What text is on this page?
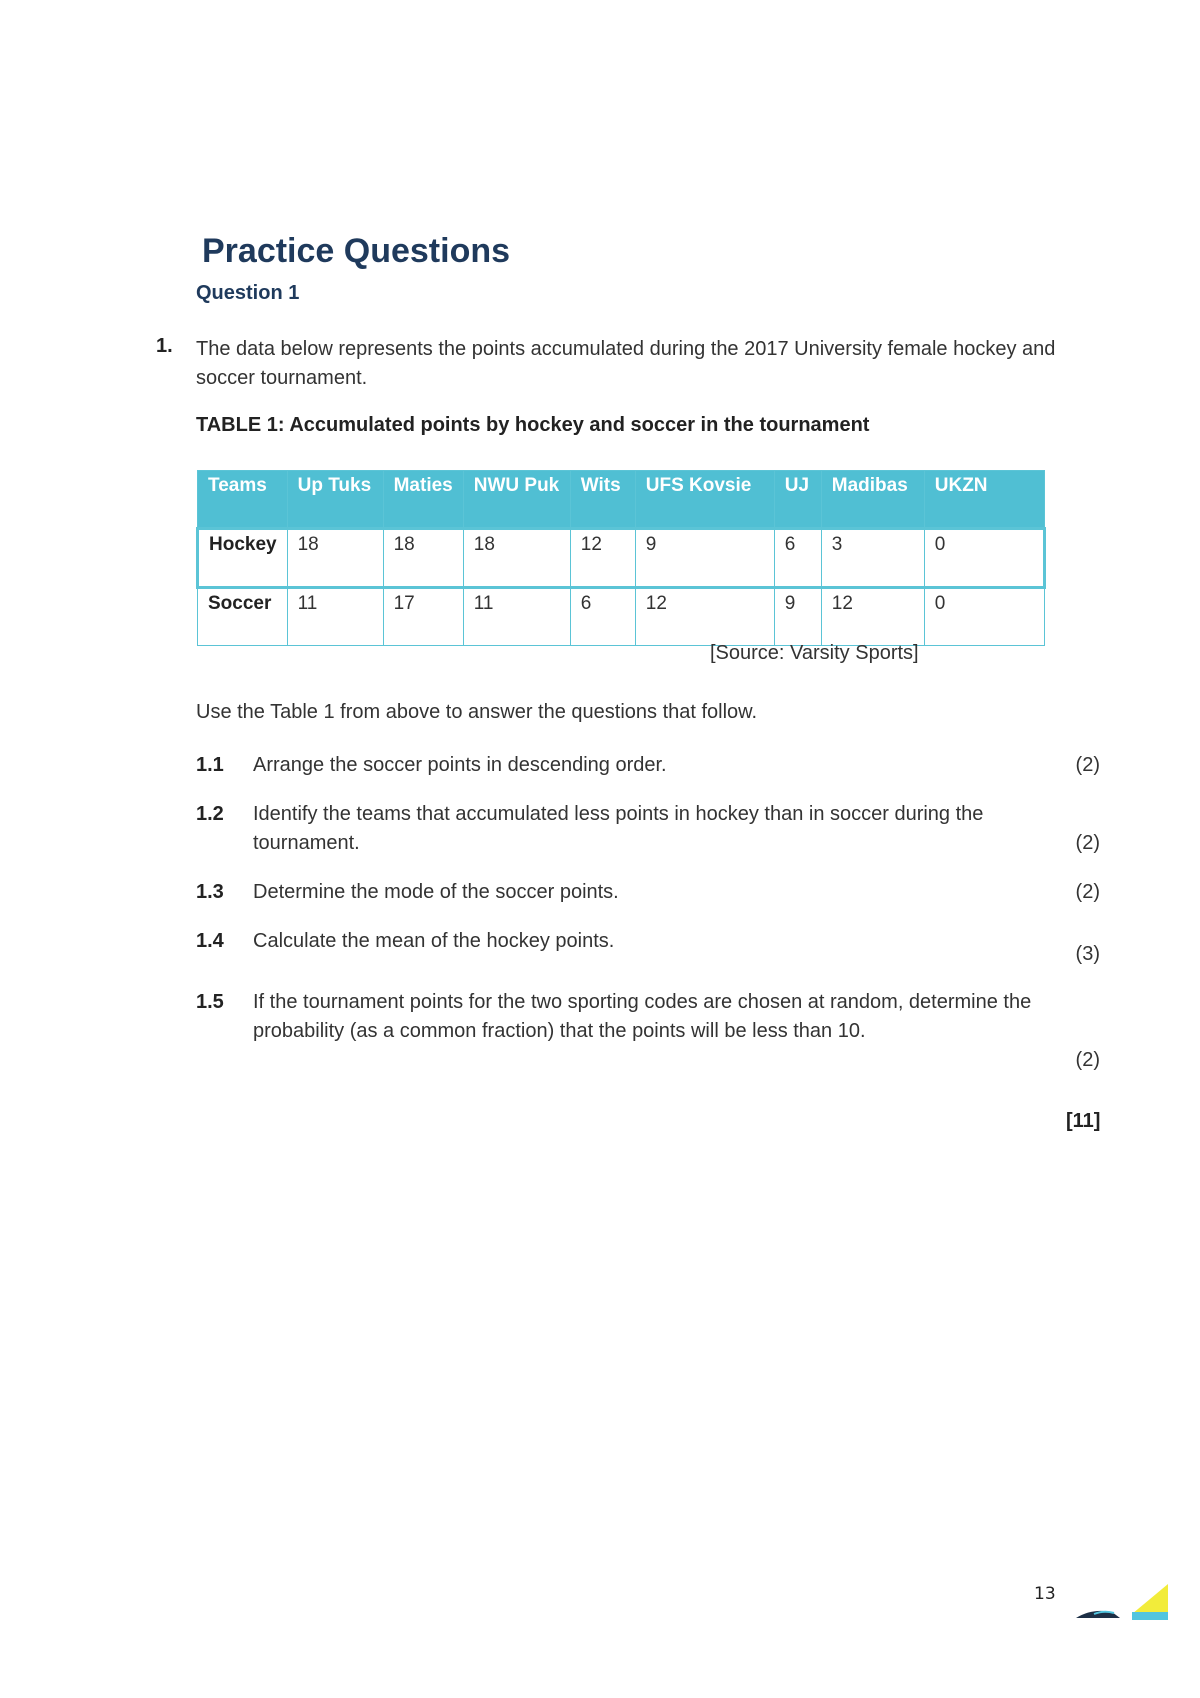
Practice Questions
Question 1
1. The data below represents the points accumulated during the 2017 University female hockey and soccer tournament.
TABLE 1: Accumulated points by hockey and soccer in the tournament
Teams	Up Tuks	Maties	NWU Puk	Wits	UFS Kovsie	UJ	Madibas	UKZN
Hockey	18	18	18	12	9	6	3	0
Soccer	11	17	11	6	12	9	12	0
[Source: Varsity Sports]
Use the Table 1 from above to answer the questions that follow.
1.1 Arrange the soccer points in descending order.	(2)
1.2 Identify the teams that accumulated less points in hockey than in soccer during the tournament.	(2)
1.3 Determine the mode of the soccer points.	(2)
1.4 Calculate the mean of the hockey points.
(3)
1.5 If the tournament points for the two sporting codes are chosen at random, determine the probability (as a common fraction) that the points will be less than 10.
(2)
[11]
13
